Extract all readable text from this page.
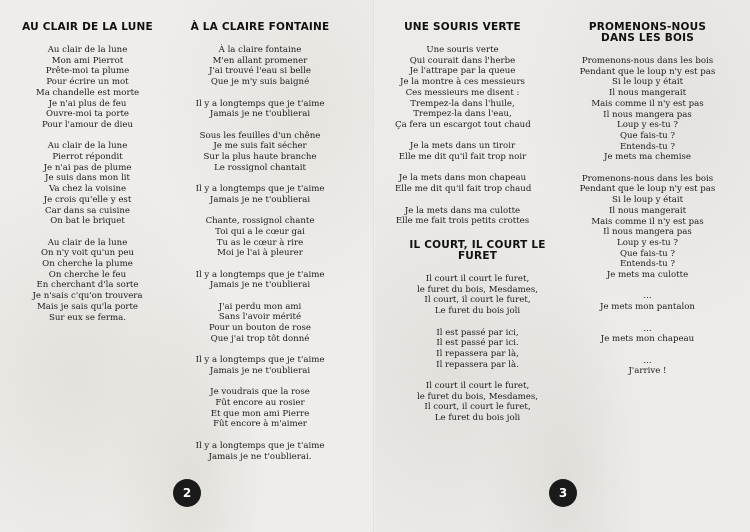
AU CLAIR DE LA LUNE
Au clair de la lune
Mon ami Pierrot
Prête-moi ta plume
Pour écrire un mot
Ma chandelle est morte
Je n'ai plus de feu
Ouvre-moi ta porte
Pour l'amour de dieu
Au clair de la lune
Pierrot répondit
Je n'ai pas de plume
Je suis dans mon lit
Va chez la voisine
Je crois qu'elle y est
Car dans sa cuisine
On bat le briquet
Au clair de la lune
On n'y voit qu'un peu
On cherche la plume
On cherche le feu
En cherchant d'la sorte
Je n'sais c'qu'on trouvera
Mais je sais qu'la porte
Sur eux se ferma.
À LA CLAIRE FONTAINE
À la claire fontaine
M'en allant promener
J'ai trouvé l'eau si belle
Que je m'y suis baigné
Il y a longtemps que je t'aime
Jamais je ne t'oublierai
Sous les feuilles d'un chêne
Je me suis fait sécher
Sur la plus haute branche
Le rossignol chantait
Il y a longtemps que je t'aime
Jamais je ne t'oublierai
Chante, rossignol chante
Toi qui a le cœur gai
Tu as le cœur à rire
Moi je l'ai à pleurer
Il y a longtemps que je t'aime
Jamais je ne t'oublierai
J'ai perdu mon ami
Sans l'avoir mérité
Pour un bouton de rose
Que j'ai trop tôt donné
Il y a longtemps que je t'aime
Jamais je ne t'oublierai
Je voudrais que la rose
Fût encore au rosier
Et que mon ami Pierre
Fût encore à m'aimer
Il y a longtemps que je t'aime
Jamais je ne t'oublierai.
2
UNE SOURIS VERTE
Une souris verte
Qui courait dans l'herbe
Je l'attrape par la queue
Je la montre à ces messieurs
Ces messieurs me disent :
Trempez-la dans l'huile,
Trempez-la dans l'eau,
Ça fera un escargot tout chaud
Je la mets dans un tiroir
Elle me dit qu'il fait trop noir
Je la mets dans mon chapeau
Elle me dit qu'il fait trop chaud
Je la mets dans ma culotte
Elle me fait trois petits crottes
IL COURT, IL COURT LE FURET
Il court il court le furet,
le furet du bois, Mesdames,
Il court, il court le furet,
Le furet du bois joli
Il est passé par ici,
Il est passé par ici.
Il repassera par là,
Il repassera par là.
Il court il court le furet,
le furet du bois, Mesdames,
Il court, il court le furet,
Le furet du bois joli
PROMENONS-NOUS DANS LES BOIS
Promenons-nous dans les bois
Pendant que le loup n'y est pas
Si le loup y était
Il nous mangerait
Mais comme il n'y est pas
Il nous mangera pas
Loup y es-tu ?
Que fais-tu ?
Entends-tu ?
Je mets ma chemise
Promenons-nous dans les bois
Pendant que le loup n'y est pas
Si le loup y était
Il nous mangerait
Mais comme il n'y est pas
Il nous mangera pas
Loup y es-tu ?
Que fais-tu ?
Entends-tu ?
Je mets ma culotte
...
Je mets mon pantalon
...
Je mets mon chapeau
...
J'arrive !
3
